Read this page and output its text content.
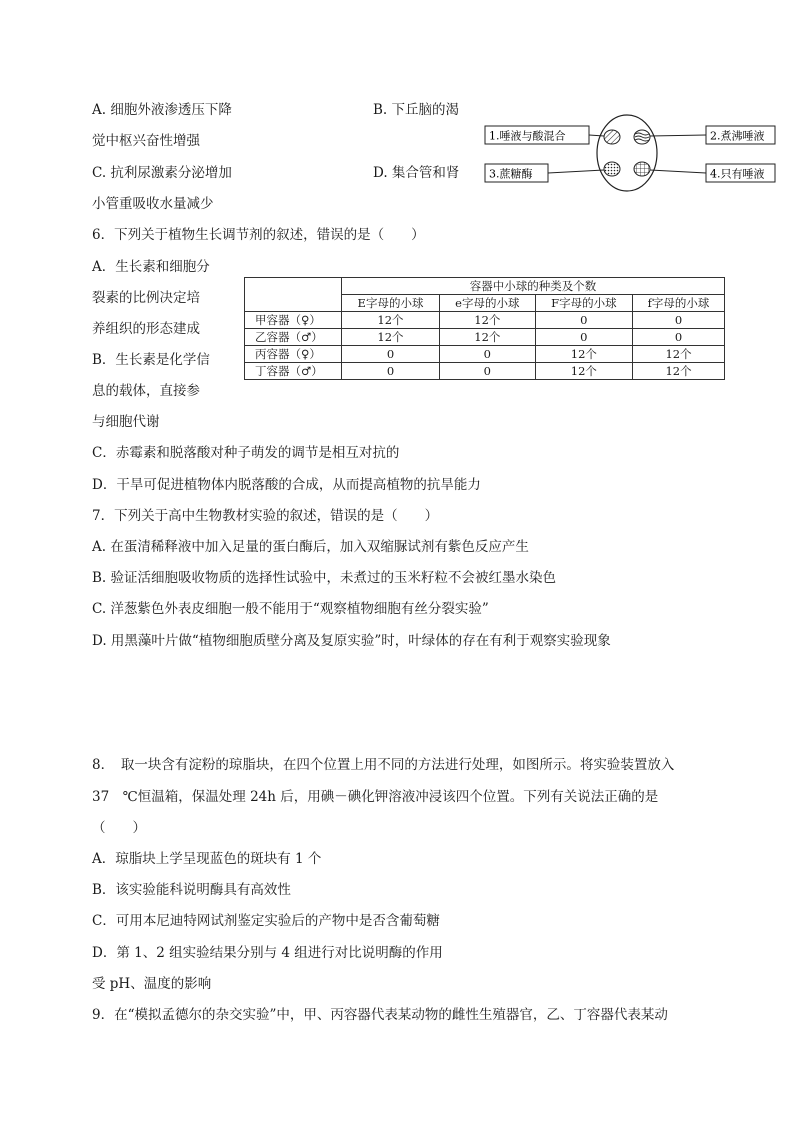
A. 细胞外液渗透压下降	B. 下丘脑的渴
觉中枢兴奋性增强
C. 抗利尿激素分泌增加	D. 集合管和肾
小管重吸收水量减少
1.唾液与酸混合	2.煮沸唾液
3.蔗糖酶	4.只有唾液
6．下列关于植物生长调节剂的叙述，错误的是（　　）
A．生长素和细胞分
裂素的比例决定培
养组织的形态建成
B．生长素是化学信
息的载体，直接参
与细胞代谢
C．赤霉素和脱落酸对种子萌发的调节是相互对抗的
D．干旱可促进植物体内脱落酸的合成，从而提高植物的抗旱能力
	容器中小球的种类及个数			
	E字母的小球	e字母的小球	F字母的小球	f字母的小球
甲容器（♀）	12个	12个	0	0
乙容器（♂）	12个	12个	0	0
丙容器（♀）	0	0	12个	12个
丁容器（♂）	0	0	12个	12个
7．下列关于高中生物教材实验的叙述，错误的是（　　）
A. 在蛋清稀释液中加入足量的蛋白酶后，加入双缩脲试剂有紫色反应产生
B. 验证活细胞吸收物质的选择性试验中，未煮过的玉米籽粒不会被红墨水染色
C. 洋葱紫色外表皮细胞一般不能用于“观察植物细胞有丝分裂实验”
D. 用黑藻叶片做“植物细胞质壁分离及复原实验”时，叶绿体的存在有利于观察实验现象
8．　取一块含有淀粉的琼脂块，在四个位置上用不同的方法进行处理，如图所示。将实验装置放入
37　℃恒温箱，保温处理 24h 后，用碘－碘化钾溶液冲浸该四个位置。下列有关说法正确的是
（　　）
A．琼脂块上学呈现蓝色的斑块有 1 个
B．该实验能科说明酶具有高效性
C．可用本尼迪特网试剂鉴定实验后的产物中是否含葡萄糖
D．第 1、2 组实验结果分别与 4 组进行对比说明酶的作用
受 pH、温度的影响
9．在“模拟孟德尔的杂交实验”中，甲、丙容器代表某动物的雌性生殖器官，乙、丁容器代表某动
